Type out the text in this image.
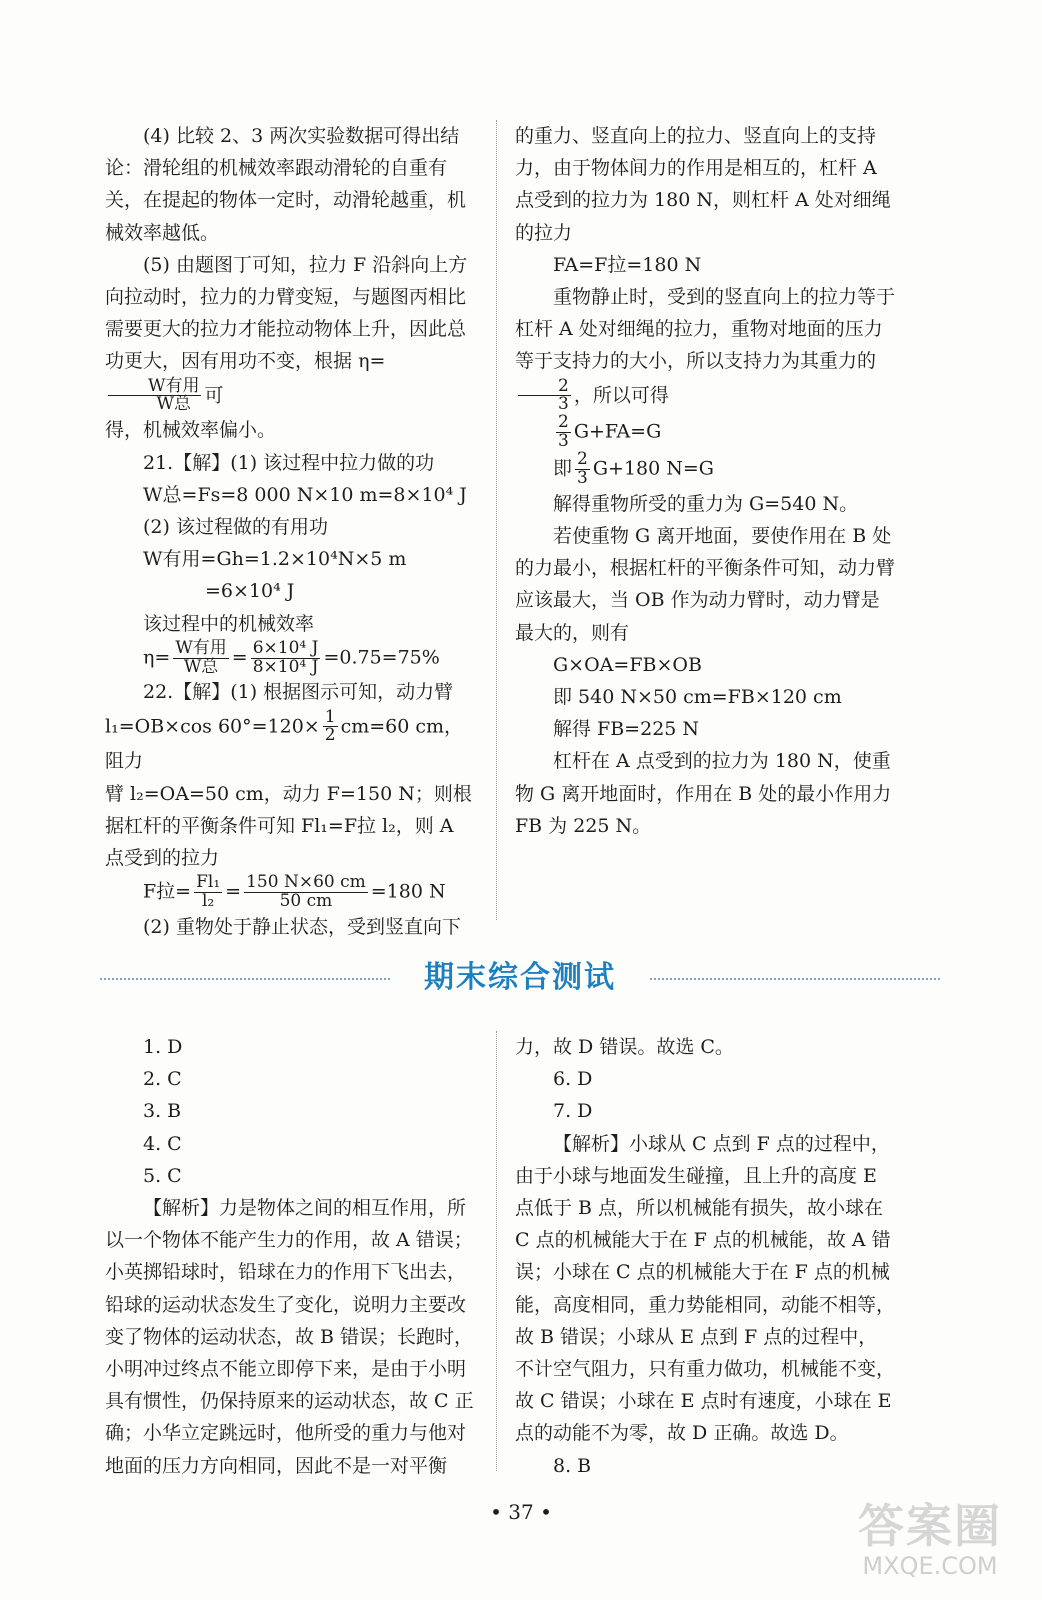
(4) 比较 2、3 两次实验数据可得出结论：滑轮组的机械效率跟动滑轮的自重有关，在提起的物体一定时，动滑轮越重，机械效率越低。

(5) 由题图丁可知，拉力 F 沿斜向上方向拉动时，拉力的力臂变短，与题图丙相比需要更大的拉力才能拉动物体上升，因此总功更大，因有用功不变，根据 η=
$\frac{\text{W有用}}{\text{W总}}$ 可

得，机械效率偏小。

21.【解】(1) 该过程中拉力做的功

W总=Fs=8 000 N×10 m=8×10⁴ J

(2) 该过程做的有用功

W有用=Gh=1.2×10⁴N×5 m

=6×10⁴ J

该过程中的机械效率

$\eta= \frac{\text{W有用}}{\text{W总}} = \frac{\text{6×10⁴ J}}{\text{8×10⁴ J}} =0.75=75\%$

22.【解】(1) 根据图示可知，动力臂

l₁=OB×cos $60^\circ=120\times \frac{1}{2} cm=60$ cm，阻力

臂 l₂=OA=50 cm，动力 F=150 N；则根据杠杆的平衡条件可知 Fl₁=F拉 l₂，则 A 点受到的拉力

F拉= $\frac{\text{Fl₁}}{\text{l₂}} = \frac{150 N\times 60 cm}{50 cm} =180$ N

(2) 重物处于静止状态，受到竖直向下

的重力、竖直向上的拉力、竖直向上的支持力，由于物体间力的作用是相互的，杠杆 A 点受到的拉力为 180 N，则杠杆 A 处对细绳的拉力

FA=F拉=180 N

重物静止时，受到的竖直向上的拉力等于杠杆 A 处对细绳的拉力，重物对地面的压力等于支持力的大小，所以支持力为其重力的
$\frac{2}{3}$ ，所以可得

$\frac{2}{3} G+FA=G$

即 $\frac{2}{3} G+180$ N=G

解得重物所受的重力为 G=540 N。

若使重物 G 离开地面，要使作用在 B 处的力最小，根据杠杆的平衡条件可知，动力臂应该最大，当 OB 作为动力臂时，动力臂是最大的，则有

G×OA=FB×OB

即 540 N×50 cm=FB×120 cm

解得 FB=225 N

杠杆在 A 点受到的拉力为 180 N，使重物 G 离开地面时，作用在 B 处的最小作用力 FB 为 225 N。

期末综合测试

1. D

2. C

3. B

4. C

5. C

【解析】力是物体之间的相互作用，所以一个物体不能产生力的作用，故 A 错误；小英掷铅球时，铅球在力的作用下飞出去，铅球的运动状态发生了变化，说明力主要改变了物体的运动状态，故 B 错误；长跑时，小明冲过终点不能立即停下来，是由于小明具有惯性，仍保持原来的运动状态，故 C 正确；小华立定跳远时，他所受的重力与他对地面的压力方向相同，因此不是一对平衡

力，故 D 错误。故选 C。

6. D

7. D

【解析】小球从 C 点到 F 点的过程中，由于小球与地面发生碰撞，且上升的高度 E 点低于 B 点，所以机械能有损失，故小球在 C 点的机械能大于在 F 点的机械能，故 A 错误；小球在 C 点的机械能大于在 F 点的机械能，高度相同，重力势能相同，动能不相等，故 B 错误；小球从 E 点到 F 点的过程中，不计空气阻力，只有重力做功，机械能不变，故 C 错误；小球在 E 点时有速度，小球在 E 点的动能不为零，故 D 正确。故选 D。

8. B

• 37 •	答案圈
MXQE.COM
